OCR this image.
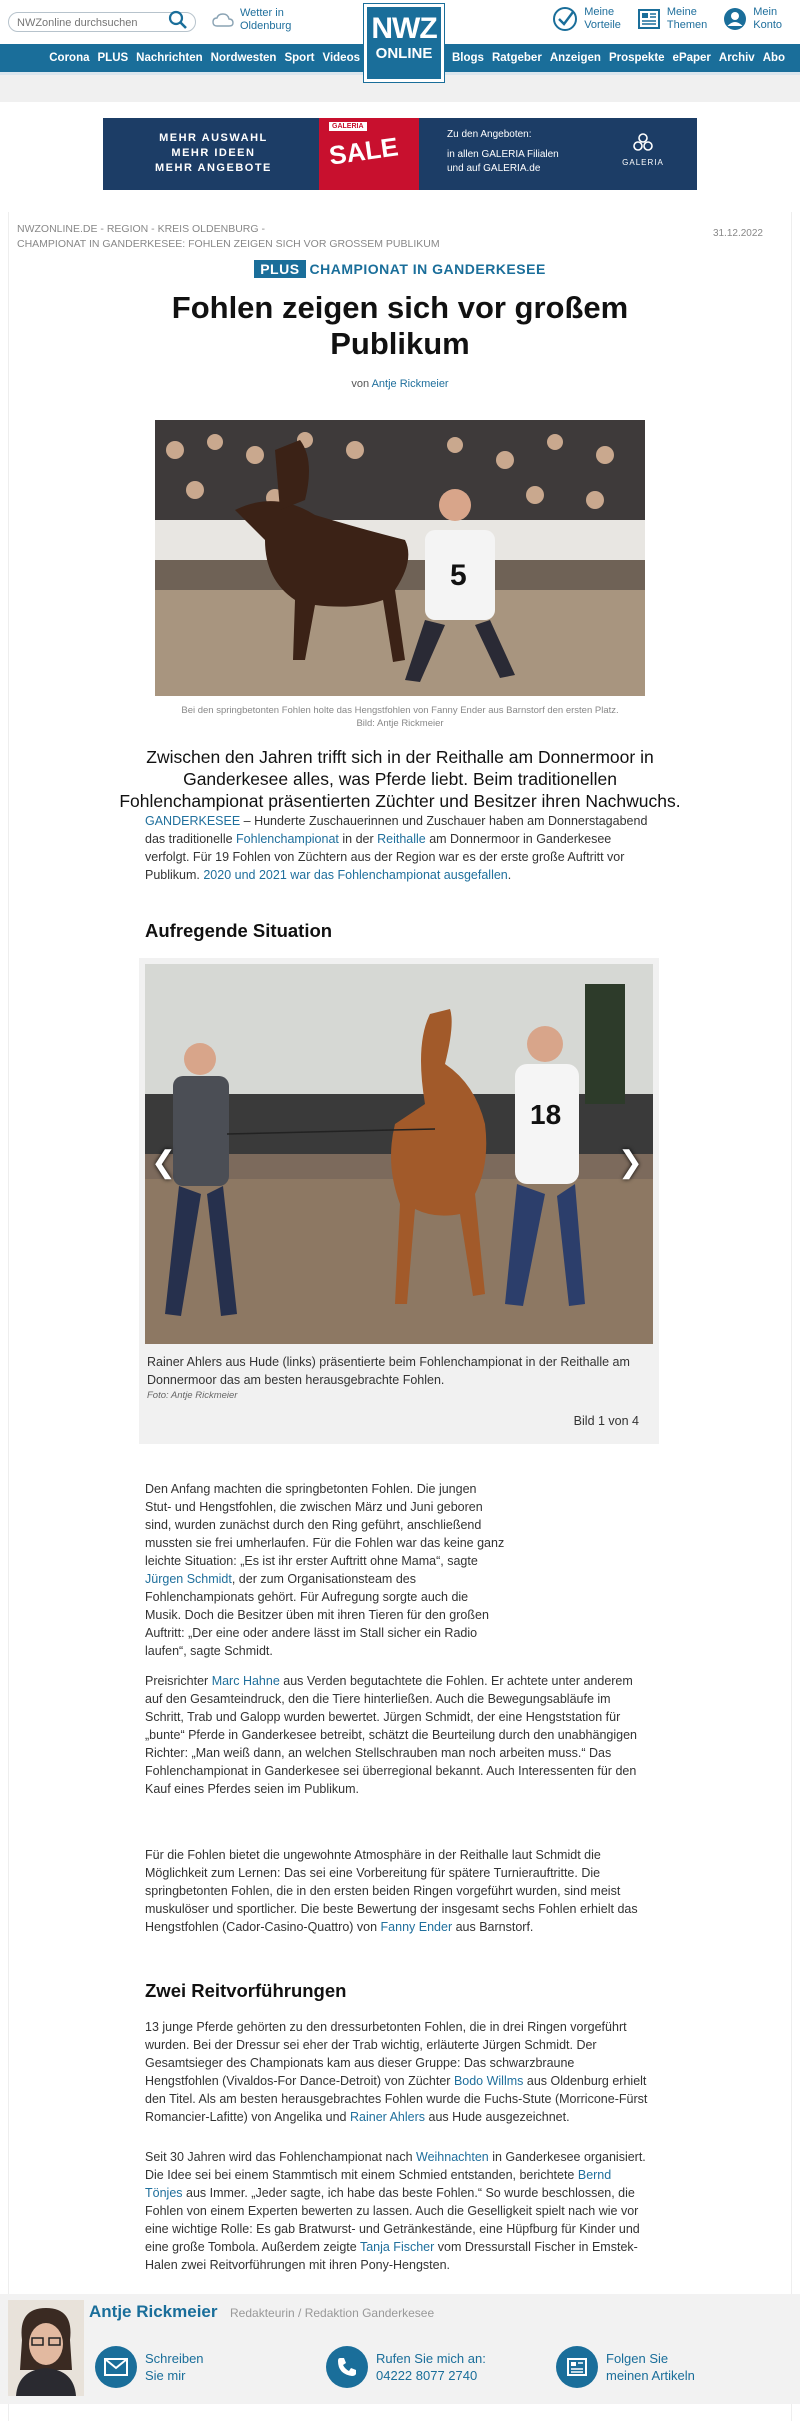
NWZonline durchsuchen
Wetter in
Oldenburg	NWZ
ONLINE
Meine
Vorteile
Meine
Themen
Mein
Konto
Corona PLUS Nachrichten Nordwesten Sport Videos	Blogs Ratgeber Anzeigen Prospekte ePaper Archiv Abo
MEHR AUSWAHL
MEHR IDEEN
MEHR ANGEBOTE
GALERIA
SALE	Zu den Angeboten:
in allen GALERIA Filialen
und auf GALERIA.de
GALERIA
NWZONLINE.DE - REGION - KREIS OLDENBURG -
CHAMPIONAT IN GANDERKESEE: FOHLEN ZEIGEN SICH VOR GROSSEM PUBLIKUM
31.12.2022
PLUS CHAMPIONAT IN GANDERKESEE
Fohlen zeigen sich vor großem Publikum
von Antje Rickmeier
5
Bei den springbetonten Fohlen holte das Hengstfohlen von Fanny Ender aus Barnstorf den ersten Platz.
Bild: Antje Rickmeier
Zwischen den Jahren trifft sich in der Reithalle am Donnermoor in Ganderkesee alles, was Pferde liebt. Beim traditionellen Fohlenchampionat präsentierten Züchter und Besitzer ihren Nachwuchs.

GANDERKESEE – Hunderte Zuschauerinnen und Zuschauer haben am Donnerstagabend das traditionelle Fohlenchampionat in der Reithalle am Donnermoor in Ganderkesee verfolgt. Für 19 Fohlen von Züchtern aus der Region war es der erste große Auftritt vor Publikum. 2020 und 2021 war das Fohlenchampionat ausgefallen.

Aufregende Situation
18
❮	❯
Rainer Ahlers aus Hude (links) präsentierte beim Fohlenchampionat in der Reithalle am Donnermoor das am besten herausgebrachte Fohlen.
Foto: Antje Rickmeier
Bild 1 von 4

Den Anfang machten die springbetonten Fohlen. Die jungen Stut- und Hengstfohlen, die zwischen März und Juni geboren sind, wurden zunächst durch den Ring geführt, anschließend mussten sie frei umherlaufen. Für die Fohlen war das keine ganz leichte Situation: „Es ist ihr erster Auftritt ohne Mama“, sagte Jürgen Schmidt, der zum Organisationsteam des Fohlenchampionats gehört. Für Aufregung sorgte auch die Musik. Doch die Besitzer üben mit ihren Tieren für den großen Auftritt: „Der eine oder andere lässt im Stall sicher ein Radio laufen“, sagte Schmidt.

Preisrichter Marc Hahne aus Verden begutachtete die Fohlen. Er achtete unter anderem auf den Gesamteindruck, den die Tiere hinterließen. Auch die Bewegungsabläufe im Schritt, Trab und Galopp wurden bewertet. Jürgen Schmidt, der eine Hengststation für „bunte“ Pferde in Ganderkesee betreibt, schätzt die Beurteilung durch den unabhängigen Richter: „Man weiß dann, an welchen Stellschrauben man noch arbeiten muss.“ Das Fohlenchampionat in Ganderkesee sei überregional bekannt. Auch Interessenten für den Kauf eines Pferdes seien im Publikum.

Für die Fohlen bietet die ungewohnte Atmosphäre in der Reithalle laut Schmidt die Möglichkeit zum Lernen: Das sei eine Vorbereitung für spätere Turnierauftritte. Die springbetonten Fohlen, die in den ersten beiden Ringen vorgeführt wurden, sind meist muskulöser und sportlicher. Die beste Bewertung der insgesamt sechs Fohlen erhielt das Hengstfohlen (Cador-Casino-Quattro) von Fanny Ender aus Barnstorf.

Zwei Reitvorführungen

13 junge Pferde gehörten zu den dressurbetonten Fohlen, die in drei Ringen vorgeführt wurden. Bei der Dressur sei eher der Trab wichtig, erläuterte Jürgen Schmidt. Der Gesamtsieger des Championats kam aus dieser Gruppe: Das schwarzbraune Hengstfohlen (Vivaldos-For Dance-Detroit) von Züchter Bodo Willms aus Oldenburg erhielt den Titel. Als am besten herausgebrachtes Fohlen wurde die Fuchs-Stute (Morricone-Fürst Romancier-Lafitte) von Angelika und Rainer Ahlers aus Hude ausgezeichnet.

Seit 30 Jahren wird das Fohlenchampionat nach Weihnachten in Ganderkesee organisiert. Die Idee sei bei einem Stammtisch mit einem Schmied entstanden, berichtete Bernd Tönjes aus Immer. „Jeder sagte, ich habe das beste Fohlen.“ So wurde beschlossen, die Fohlen von einem Experten bewerten zu lassen. Auch die Geselligkeit spielt nach wie vor eine wichtige Rolle: Es gab Bratwurst- und Getränkestände, eine Hüpfburg für Kinder und eine große Tombola. Außerdem zeigte Tanja Fischer vom Dressurstall Fischer in Emstek-Halen zwei Reitvorführungen mit ihren Pony-Hengsten.

Antje Rickmeier Redakteurin / Redaktion Ganderkesee
Schreiben
Sie mir
Rufen Sie mich an:
04222 8077 2740
Folgen Sie
meinen Artikeln
